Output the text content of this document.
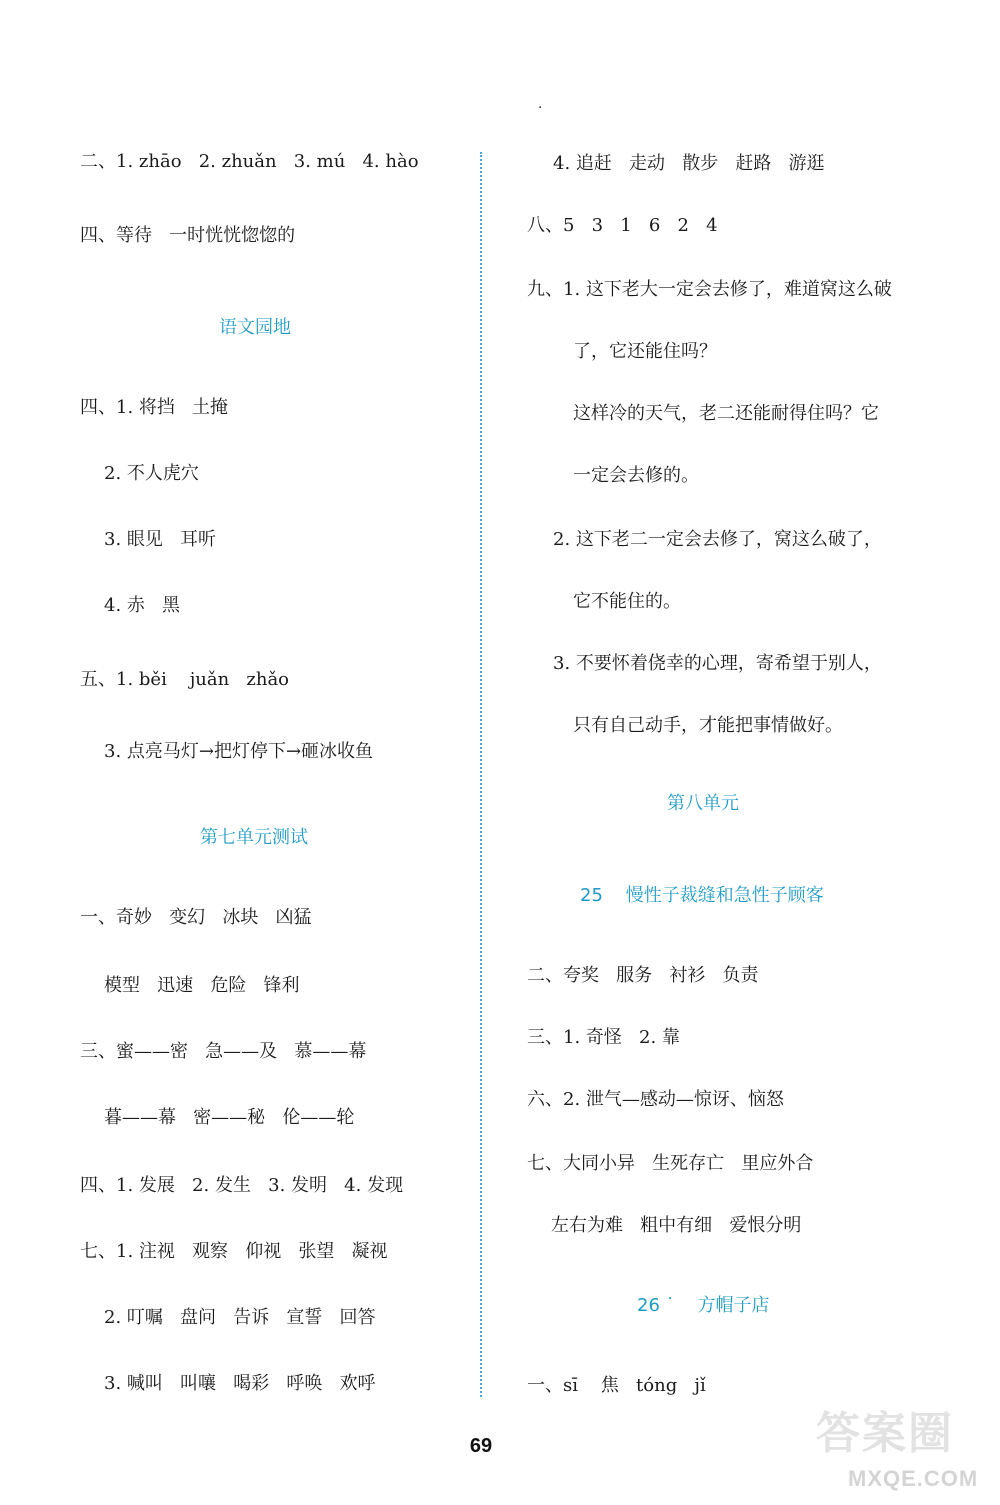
·
二、1. zhāo   2. zhuǎn   3. mú   4. hào
四、等待   一时恍恍惚惚的
语文园地
四、1. 将挡   土掩
2. 不人虎穴
3. 眼见   耳听
4. 赤   黑
五、1. běi    juǎn   zhǎo
3. 点亮马灯→把灯停下→砸冰收鱼
第七单元测试
一、奇妙   变幻   冰块   凶猛
模型   迅速   危险   锋利
三、蜜——密   急——及   慕——幕
暮——幕   密——秘   伦——轮
四、1. 发展   2. 发生   3. 发明   4. 发现
七、1. 注视   观察   仰视   张望   凝视
2. 叮嘱   盘问   告诉   宣誓   回答
3. 喊叫   叫嚷   喝彩   呼唤   欢呼
4. 追赶   走动   散步   赶路   游逛
八、5   3   1   6   2   4
九、1. 这下老大一定会去修了，难道窝这么破
了，它还能住吗？
这样冷的天气，老二还能耐得住吗？它
一定会去修的。
2. 这下老二一定会去修了，窝这么破了，
它不能住的。
3. 不要怀着侥幸的心理，寄希望于别人，
只有自己动手，才能把事情做好。
第八单元
25    慢性子裁缝和急性子顾客
二、夸奖   服务   衬衫   负责
三、1. 奇怪   2. 靠
六、2. 泄气—感动—惊讶、恼怒
七、大同小异   生死存亡   里应外合
左右为难   粗中有细   爱恨分明
26 ˙    方帽子店
一、sī    焦   tóng   jǐ
69	答案圈
MXQE.COM
